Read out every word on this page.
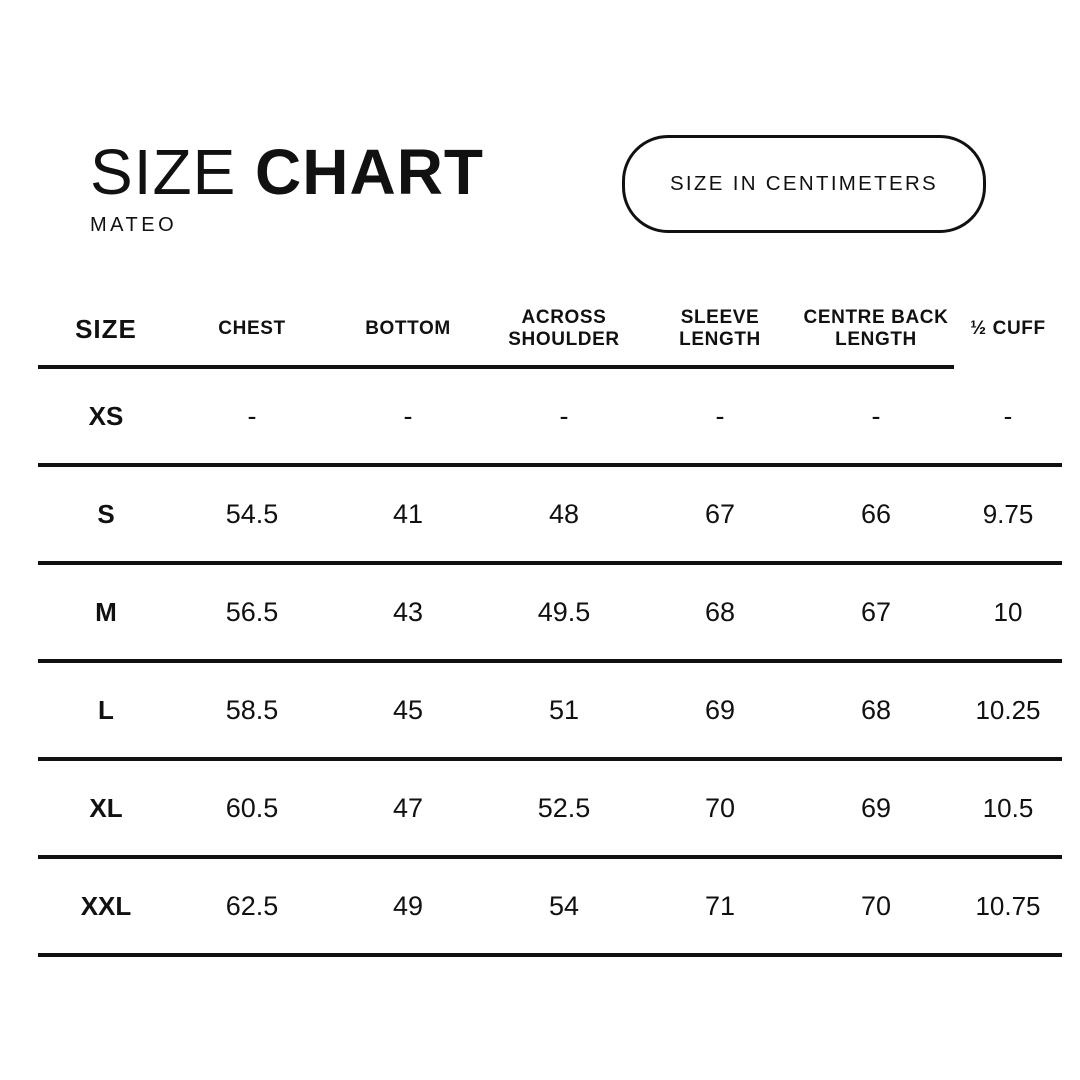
SIZE CHART
MATEO
SIZE IN CENTIMETERS
SIZE	CHEST	BOTTOM	ACROSS SHOULDER	SLEEVE LENGTH	CENTRE BACK LENGTH	½ CUFF
XS	-	-	-	-	-	-
S	54.5	41	48	67	66	9.75
M	56.5	43	49.5	68	67	10
L	58.5	45	51	69	68	10.25
XL	60.5	47	52.5	70	69	10.5
XXL	62.5	49	54	71	70	10.75
